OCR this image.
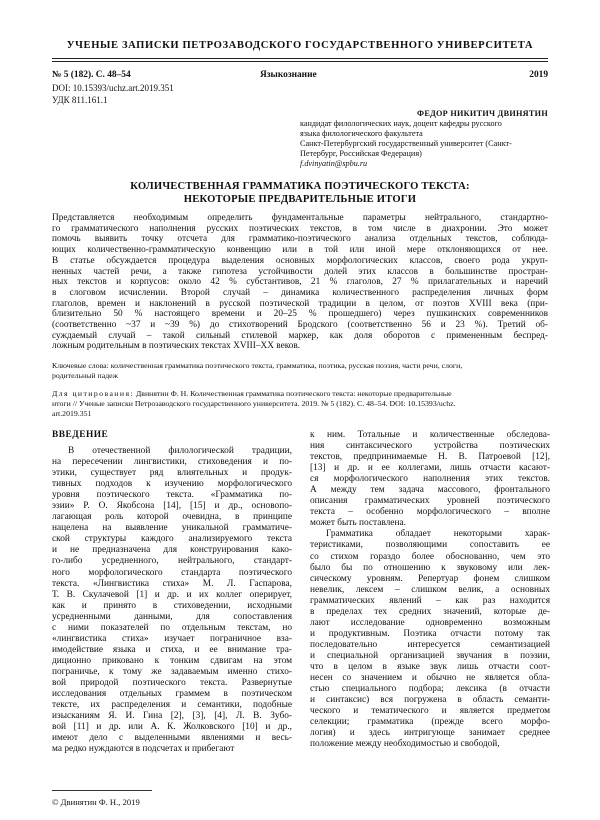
УЧЕНЫЕ ЗАПИСКИ ПЕТРОЗАВОДСКОГО ГОСУДАРСТВЕННОГО УНИВЕРСИТЕТА
№ 5 (182). С. 48–54	Языкознание	2019
DOI: 10.15393/uchz.art.2019.351
УДК 811.161.1
ФЕДОР НИКИТИЧ ДВИНЯТИН
кандидат филологических наук, доцент кафедры русского
языка филологического факультета
Санкт-Петербургский государственный университет (Санкт-
Петербург, Российская Федерация)
f.dvinyatin@spbu.ru
КОЛИЧЕСТВЕННАЯ ГРАММАТИКА ПОЭТИЧЕСКОГО ТЕКСТА:
НЕКОТОРЫЕ ПРЕДВАРИТЕЛЬНЫЕ ИТОГИ
Представляется необходимым определить фундаментальные параметры нейтрального, стандартно-
го грамматического наполнения русских поэтических текстов, в том числе в диахронии. Это может
помочь выявить точку отсчета для грамматико-поэтического анализа отдельных текстов, соблюда-
ющих количественно-грамматическую конвенцию или в той или иной мере отклоняющихся от нее.
В статье обсуждается процедура выделения основных морфологических классов, своего рода укруп-
ненных частей речи, а также гипотеза устойчивости долей этих классов в большинстве простран-
ных текстов и корпусов: около 42 % субстантивов, 21 % глаголов, 27 % прилагательных и наречий
в слоговом исчислении. Второй случай – динамика количественного распределения личных форм
глаголов, времен и наклонений в русской поэтической традиции в целом, от поэтов XVIII века (при-
близительно 50 % настоящего времени и 20–25 % прошедшего) через пушкинских современников
(соответственно ~37 и ~39 %) до стихотворений Бродского (соответственно 56 и 23 %). Третий об-
суждаемый случай – такой сильный стилевой маркер, как доля оборотов с примененным беспред-
ложным родительным в поэтических текстах XVIII–XX веков.
Ключевые слова: количественная грамматика поэтического текста, грамматика, поэтика, русская поэзия, части речи, слоги,
родительный падеж
Для цитирования: Двинятин Ф. Н. Количественная грамматика поэтического текста: некоторые предварительные
итоги // Ученые записки Петрозаводского государственного университета. 2019. № 5 (182). С. 48–54. DOI: 10.15393/uchz.
art.2019.351
ВВЕДЕНИЕ
В отечественной филологической традиции,
на пересечении лингвистики, стиховедения и по-
этики, существует ряд влиятельных и продук-
тивных подходов к изучению морфологического
уровня поэтического текста. «Грамматика по-
эзии» Р. О. Якобсона [14], [15] и др., основопо-
лагающая роль которой очевидна, в принципе
нацелена на выявление уникальной грамматиче-
ской структуры каждого анализируемого текста
и не предназначена для конструирования како-
го-либо усредненного, нейтрального, стандарт-
ного морфологического стандарта поэтического
текста. «Лингвистика стиха» М. Л. Гаспарова,
Т. В. Скулачевой [1] и др. и их коллег оперирует,
как и принято в стиховедении, исходными
усредненными данными, для сопоставления
с ними показателей по отдельным текстам, но
«лингвистика стиха» изучает пограничное вза-
имодействие языка и стиха, и ее внимание тра-
диционно приковано к тонким сдвигам на этом
пограничье, к тому же задаваемым именно стихо-
вой природой поэтического текста. Развернутые
исследования отдельных граммем в поэтическом
тексте, их распределения и семантики, подобные
изысканиям Я. И. Гина [2], [3], [4], Л. В. Зубо-
вой [11] и др. или А. К. Жолковского [10] и др.,
имеют дело с выделенными явлениями и весь-
ма редко нуждаются в подсчетах и прибегают
к ним. Тотальные и количественные обследова-
ния синтаксического устройства поэтических
текстов, предпринимаемые Н. В. Патроевой [12],
[13] и др. и ее коллегами, лишь отчасти касают-
ся морфологического наполнения этих текстов.
А между тем задача массового, фронтального
описания грамматических уровней поэтического
текста – особенно морфологического – вполне
может быть поставлена.
Грамматика обладает некоторыми харак-
теристиками, позволяющими сопоставить ее
со стихом гораздо более обоснованно, чем это
было бы по отношению к звуковому или лек-
сическому уровням. Репертуар фонем слишком
невелик, лексем – слишком велик, а основных
грамматических явлений – как раз находится
в пределах тех средних значений, которые де-
лают исследование одновременно возможным
и продуктивным. Поэтика отчасти потому так
последовательно интересуется семантизацией
и специальной организацией звучания в поэзии,
что в целом в языке звук лишь отчасти соот-
несен со значением и обычно не является обла-
стью специального подбора; лексика (в отчасти
и синтаксис) вся погружена в область семанти-
ческого и тематического и является предметом
селекции; грамматика (прежде всего морфо-
логия) и здесь интригующе занимает среднее
положение между необходимостью и свободой,
© Двинятин Ф. Н., 2019
